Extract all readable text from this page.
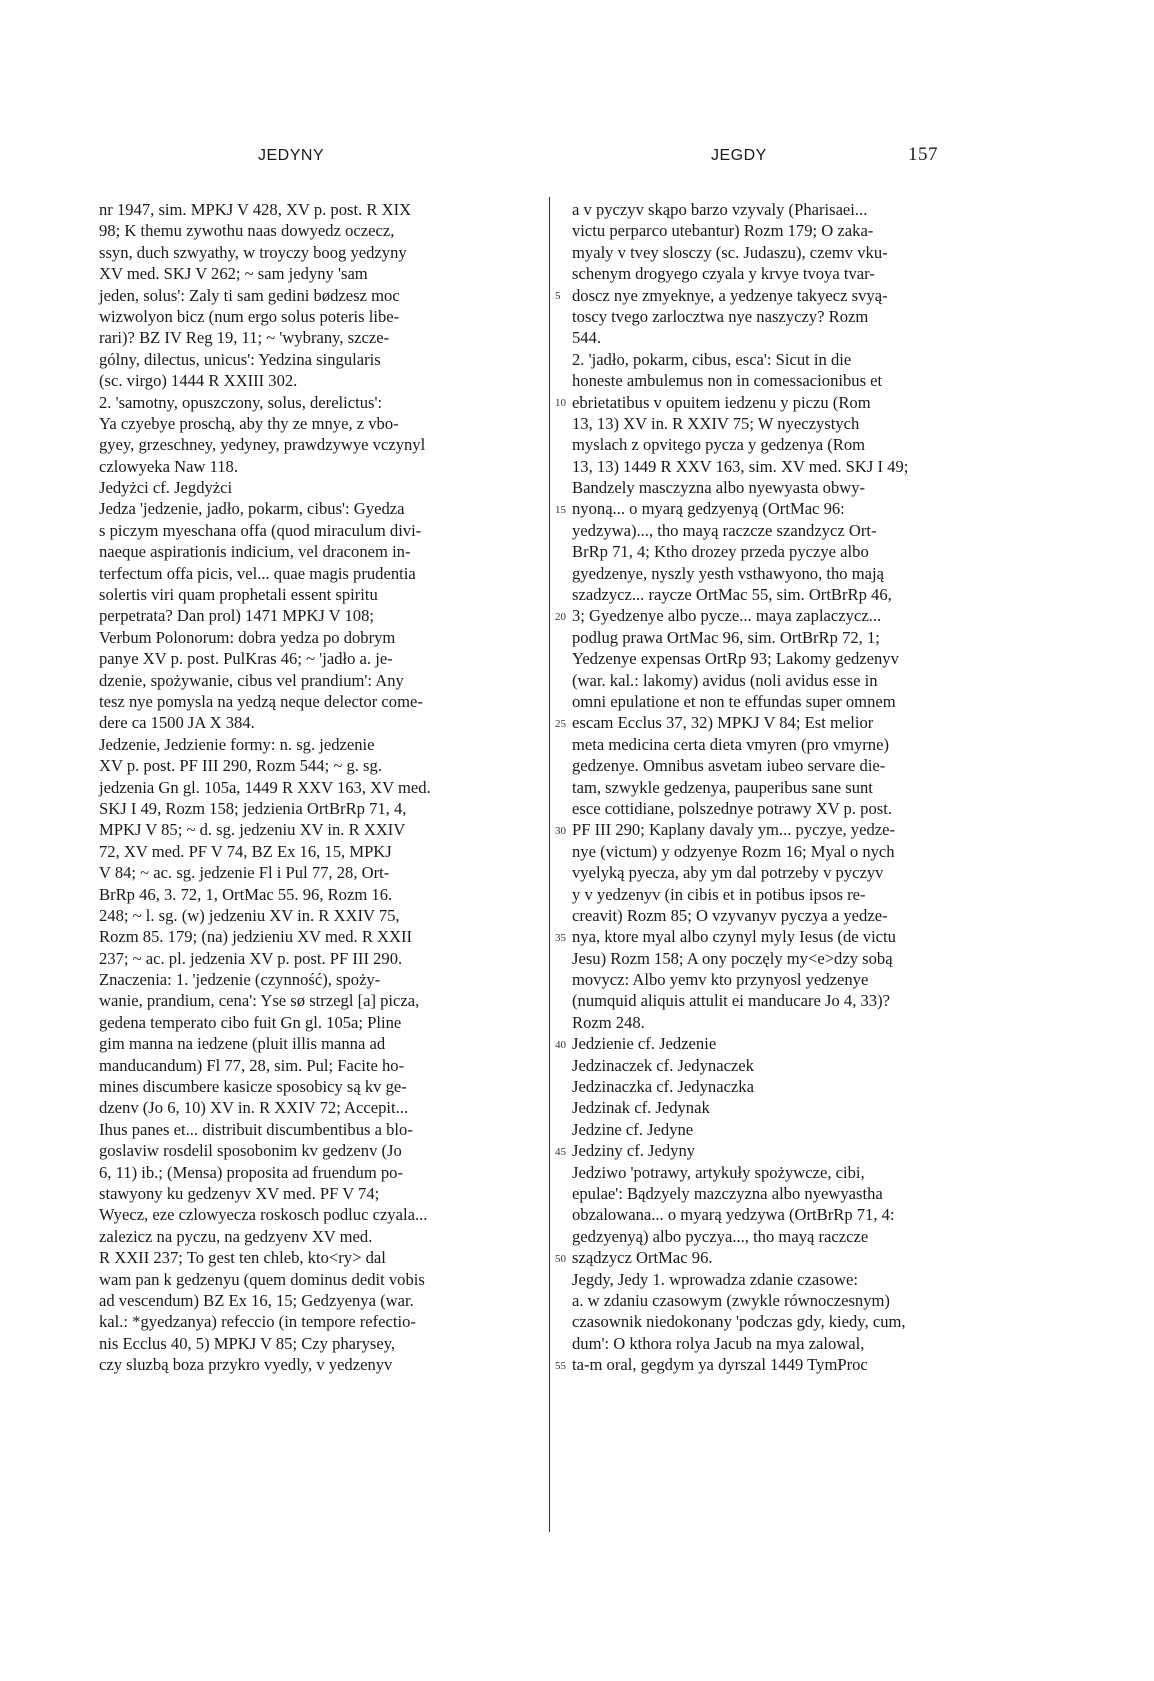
JEDYNY	JEGDY	157
nr 1947, sim. MPKJ V 428, XV p. post. R XIX
98; K themu zywothu naas dowyedz oczecz,
ssyn, duch szwyathy, w troyczy boog yedzyny
XV med. SKJ V 262; ~ sam jedyny 'sam
jeden, solus': Zaly ti sam gedini bødzesz moc
wizwolyon bicz (num ergo solus poteris libe-
rari)? BZ IV Reg 19, 11; ~ 'wybrany, szcze-
gólny, dilectus, unicus': Yedzina singularis
(sc. virgo) 1444 R XXIII 302.
2. 'samotny, opuszczony, solus, derelictus':
Ya czyebye proschą, aby thy ze mnye, z vbo-
gyey, grzeschney, yedyney, prawdzywye vczynyl
czlowyeka Naw 118.
Jedyżci cf. Jegdyżci
Jedza 'jedzenie, jadło, pokarm, cibus': Gyedza
s piczym myeschana offa (quod miraculum divi-
naeque aspirationis indicium, vel draconem in-
terfectum offa picis, vel... quae magis prudentia
solertis viri quam prophetali essent spiritu
perpetrata? Dan prol) 1471 MPKJ V 108;
Verbum Polonorum: dobra yedza po dobrym
panye XV p. post. PulKras 46; ~ 'jadło a. je-
dzenie, spożywanie, cibus vel prandium': Any
tesz nye pomysla na yedzą neque delector come-
dere ca 1500 JA X 384.
Jedzenie, Jedzienie formy: n. sg. jedzenie
XV p. post. PF III 290, Rozm 544; ~ g. sg.
jedzenia Gn gl. 105a, 1449 R XXV 163, XV med.
SKJ I 49, Rozm 158; jedzienia OrtBrRp 71, 4,
MPKJ V 85; ~ d. sg. jedzeniu XV in. R XXIV
72, XV med. PF V 74, BZ Ex 16, 15, MPKJ
V 84; ~ ac. sg. jedzenie Fl i Pul 77, 28, Ort-
BrRp 46, 3. 72, 1, OrtMac 55. 96, Rozm 16.
248; ~ l. sg. (w) jedzeniu XV in. R XXIV 75,
Rozm 85. 179; (na) jedzieniu XV med. R XXII
237; ~ ac. pl. jedzenia XV p. post. PF III 290.
Znaczenia: 1. 'jedzenie (czynność), spoży-
wanie, prandium, cena': Yse sø strzegl [a] picza,
gedena temperato cibo fuit Gn gl. 105a; Pline
gim manna na iedzene (pluit illis manna ad
manducandum) Fl 77, 28, sim. Pul; Facite ho-
mines discumbere kasicze sposobicy są kv ge-
dzenv (Jo 6, 10) XV in. R XXIV 72; Accepit...
Ihus panes et... distribuit discumbentibus a blo-
goslaviw rosdelil sposobonim kv gedzenv (Jo
6, 11) ib.; (Mensa) proposita ad fruendum po-
stawyony ku gedzenyv XV med. PF V 74;
Wyecz, eze czlowyecza roskosch podluc czyala...
zalezicz na pyczu, na gedzyenv XV med.
R XXII 237; To gest ten chleb, kto<ry> dal
wam pan k gedzenyu (quem dominus dedit vobis
ad vescendum) BZ Ex 16, 15; Gedzyenya (war.
kal.: *gyedzanya) refeccio (in tempore refectio-
nis Ecclus 40, 5) MPKJ V 85; Czy pharysey,
czy sluzbą boza przykro vyedly, v yedzenyv
5
10
15
20
25
30
35
40
45
50
55
a v pyczyv skąpo barzo vzyvaly (Pharisaei...
victu perparco utebantur) Rozm 179; O zaka-
myaly v tvey slosczy (sc. Judaszu), czemv vku-
schenym drogyego czyala y krvye tvoya tvar-
doscz nye zmyeknye, a yedzenye takyecz svyą-
toscy tvego zarlocztwa nye naszyczy? Rozm
544.
2. 'jadło, pokarm, cibus, esca': Sicut in die
honeste ambulemus non in comessacionibus et
ebrietatibus v opuitem iedzenu y piczu (Rom
13, 13) XV in. R XXIV 75; W nyeczystych
myslach z opvitego pycza y gedzenya (Rom
13, 13) 1449 R XXV 163, sim. XV med. SKJ I 49;
Bandzely masczyzna albo nyewyasta obwy-
nyoną... o myarą gedzyenyą (OrtMac 96:
yedzywa)..., tho mayą raczcze szandzycz Ort-
BrRp 71, 4; Ktho drozey przeda pyczye albo
gyedzenye, nyszly yesth vsthawyono, tho mają
szadzycz... raycze OrtMac 55, sim. OrtBrRp 46,
3; Gyedzenye albo pycze... maya zaplaczycz...
podlug prawa OrtMac 96, sim. OrtBrRp 72, 1;
Yedzenye expensas OrtRp 93; Lakomy gedzenyv
(war. kal.: lakomy) avidus (noli avidus esse in
omni epulatione et non te effundas super omnem
escam Ecclus 37, 32) MPKJ V 84; Est melior
meta medicina certa dieta vmyren (pro vmyrne)
gedzenye. Omnibus asvetam iubeo servare die-
tam, szwykle gedzenya, pauperibus sane sunt
esce cottidiane, polszednye potrawy XV p. post.
PF III 290; Kaplany davaly ym... pyczye, yedze-
nye (victum) y odzyenye Rozm 16; Myal o nych
vyelyką pyecza, aby ym dal potrzeby v pyczyv
y v yedzenyv (in cibis et in potibus ipsos re-
creavit) Rozm 85; O vzyvanyv pyczya a yedze-
nya, ktore myal albo czynyl myly Iesus (de victu
Jesu) Rozm 158; A ony poczęly my<e>dzy sobą
movycz: Albo yemv kto przynyosl yedzenye
(numquid aliquis attulit ei manducare Jo 4, 33)?
Rozm 248.
Jedzienie cf. Jedzenie
Jedzinaczek cf. Jedynaczek
Jedzinaczka cf. Jedynaczka
Jedzinak cf. Jedynak
Jedzine cf. Jedyne
Jedziny cf. Jedyny
Jedziwo 'potrawy, artykuły spożywcze, cibi,
epulae': Bądzyely mazczyzna albo nyewyastha
obzalowana... o myarą yedzywa (OrtBrRp 71, 4:
gedzyenyą) albo pyczya..., tho mayą raczcze
sządzycz OrtMac 96.
Jegdy, Jedy 1. wprowadza zdanie czasowe:
a. w zdaniu czasowym (zwykle równoczesnym)
czasownik niedokonany 'podczas gdy, kiedy, cum,
dum': O kthora rolya Jacub na mya zalowal,
ta-m oral, gegdym ya dyrszal 1449 TymProc
